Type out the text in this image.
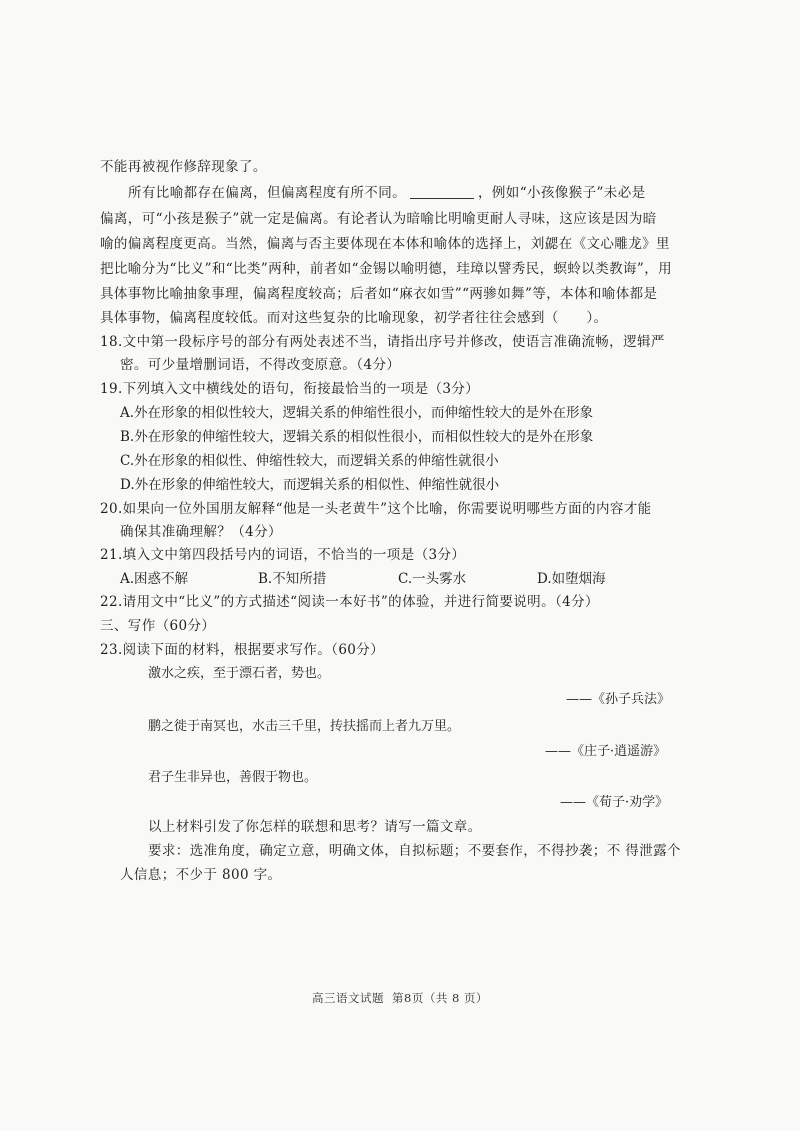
不能再被视作修辞现象了。
所有比喻都存在偏离，但偏离程度有所不同。	，例如“小孩像猴子”未必是
偏离，可“小孩是猴子”就一定是偏离。有论者认为暗喻比明喻更耐人寻味，这应该是因为暗
喻的偏离程度更高。当然，偏离与否主要体现在本体和喻体的选择上，刘勰在《文心雕龙》里
把比喻分为“比义”和“比类”两种，前者如“金锡以喻明德，珪璋以譬秀民，螟蛉以类教诲”，用
具体事物比喻抽象事理，偏离程度较高；后者如“麻衣如雪”“两骖如舞”等，本体和喻体都是
具体事物，偏离程度较低。而对这些复杂的比喻现象，初学者往往会感到（　　）。
18.文中第一段标序号的部分有两处表述不当，请指出序号并修改，使语言准确流畅，逻辑严
密。可少量增删词语，不得改变原意。（4分）
19.下列填入文中横线处的语句，衔接最恰当的一项是（3分）
A.外在形象的相似性较大，逻辑关系的伸缩性很小，而伸缩性较大的是外在形象
B.外在形象的伸缩性较大，逻辑关系的相似性很小，而相似性较大的是外在形象
C.外在形象的相似性、伸缩性较大，而逻辑关系的伸缩性就很小
D.外在形象的伸缩性较大，而逻辑关系的相似性、伸缩性就很小
20.如果向一位外国朋友解释“他是一头老黄牛”这个比喻，你需要说明哪些方面的内容才能
确保其准确理解？（4分）
21.填入文中第四段括号内的词语，不恰当的一项是（3分）
A.困惑不解	B.不知所措	C.一头雾水	D.如堕烟海
22.请用文中“比义”的方式描述“阅读一本好书”的体验，并进行简要说明。（4分）
三、写作（60分）
23.阅读下面的材料，根据要求写作。（60分）
激水之疾，至于漂石者，势也。
——《孙子兵法》
鹏之徙于南冥也，水击三千里，抟扶摇而上者九万里。
——《庄子·逍遥游》
君子生非异也，善假于物也。
——《荀子·劝学》
以上材料引发了你怎样的联想和思考？请写一篇文章。
要求：选准角度，确定立意，明确文体，自拟标题；不要套作，不得抄袭；不 得泄露个
人信息；不少于 800 字。
高三语文试题 第8页（共 8 页）
